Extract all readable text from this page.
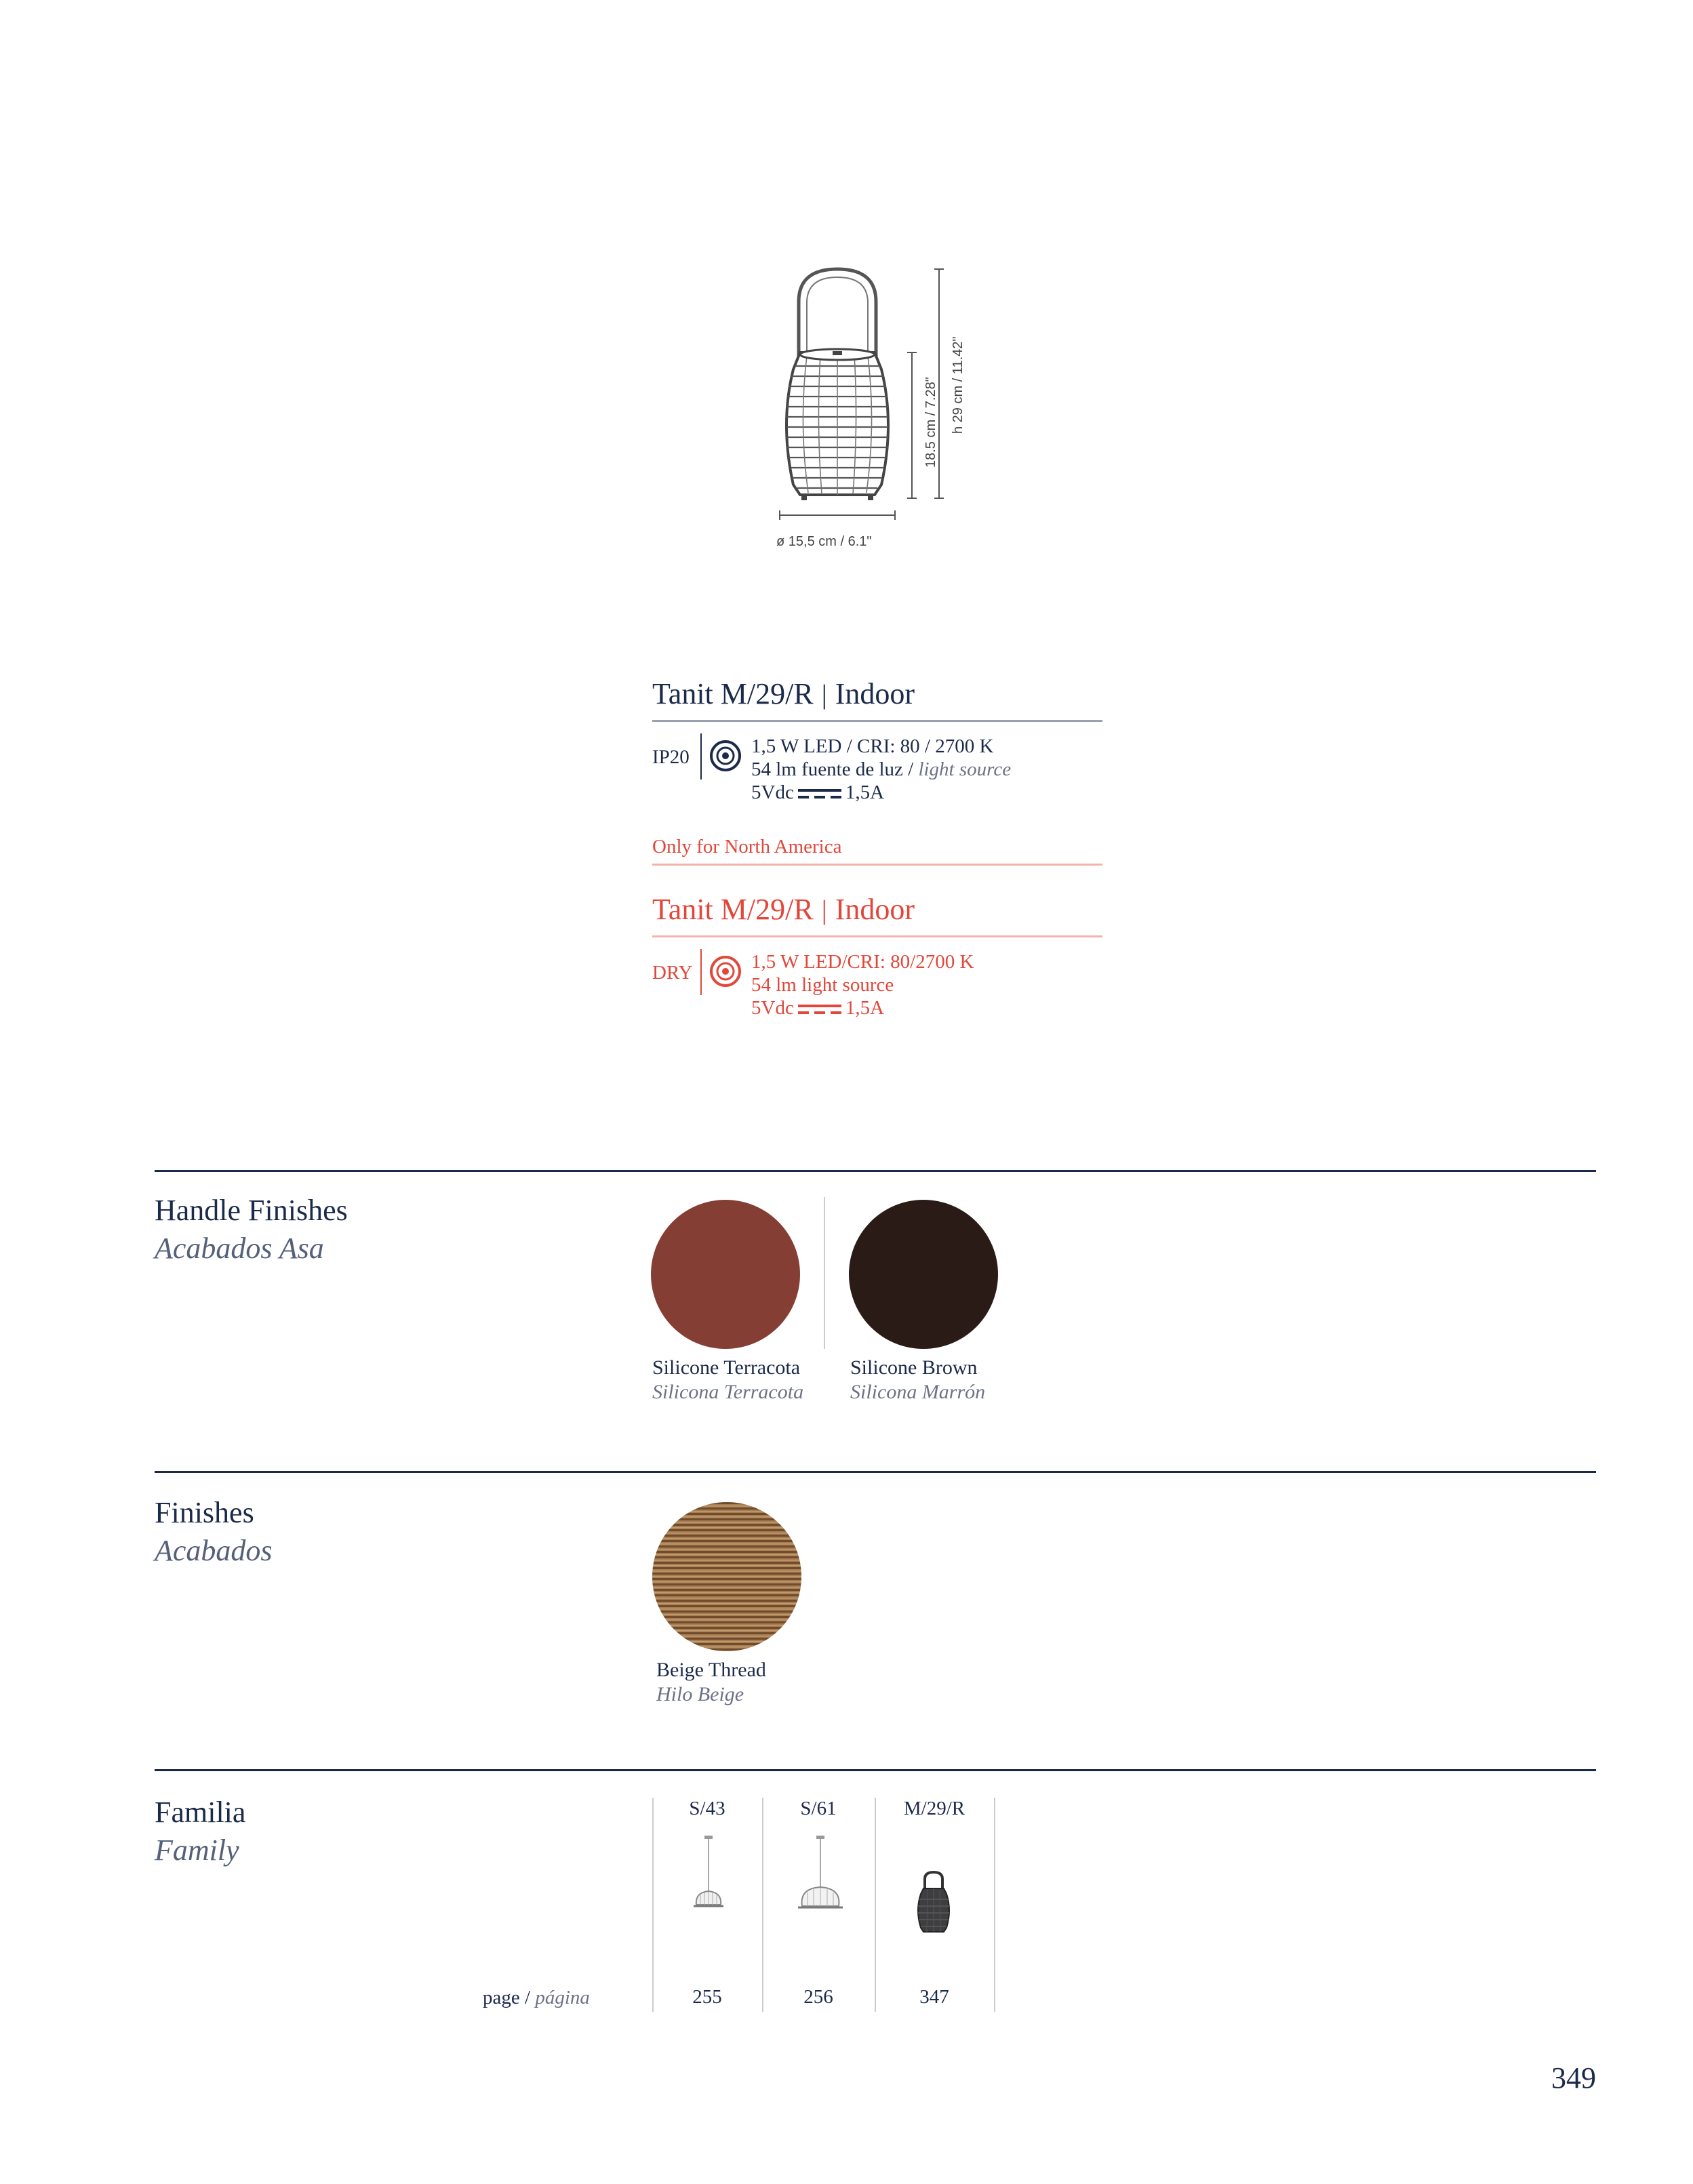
ø 15,5 cm / 6.1"
18.5 cm / 7.28" h 29 cm / 11.42"
Tanit M/29/R | Indoor
IP20	1,5 W LED / CRI: 80 / 2700 K
54 lm fuente de luz / light source
5Vdc	1,5A
Only for North America
Tanit M/29/R | Indoor
DRY	1,5 W LED/CRI: 80/2700 K
54 lm light source
5Vdc	1,5A
Handle Finishes
Acabados Asa
Silicone Terracota
Silicona Terracota
Silicone Brown
Silicona Marrón
Finishes
Acabados
Beige Thread
Hilo Beige
Familia
Family
S/43	S/61	M/29/R
page / página	255	256	347
349
